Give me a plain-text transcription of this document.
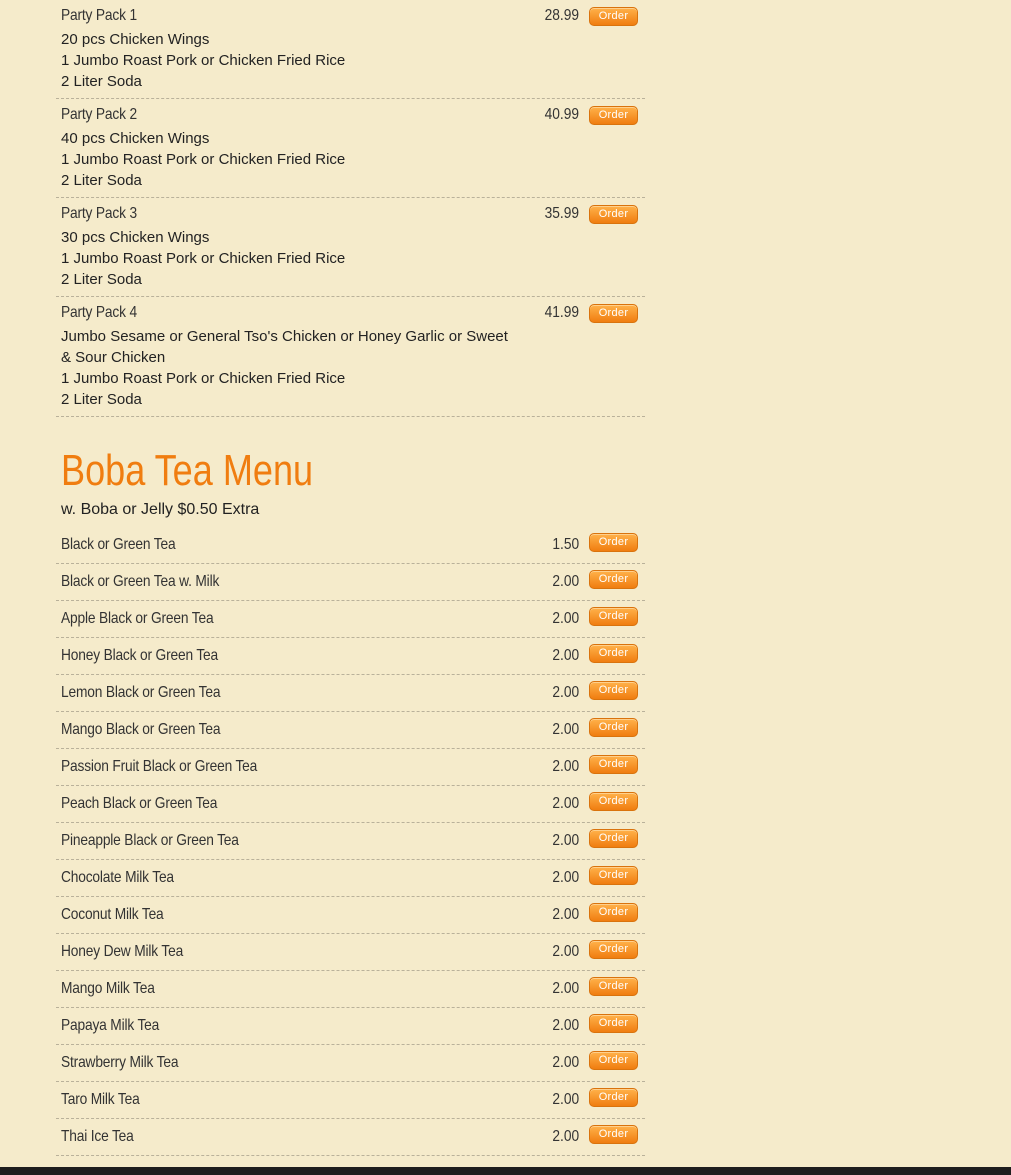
Party Pack 1
20 pcs Chicken Wings
1 Jumbo Roast Pork or Chicken Fried Rice
2 Liter Soda
28.99	Order
Party Pack 2
40 pcs Chicken Wings
1 Jumbo Roast Pork or Chicken Fried Rice
2 Liter Soda
40.99	Order
Party Pack 3
30 pcs Chicken Wings
1 Jumbo Roast Pork or Chicken Fried Rice
2 Liter Soda
35.99	Order
Party Pack 4
Jumbo Sesame or General Tso's Chicken or Honey Garlic or Sweet & Sour Chicken
1 Jumbo Roast Pork or Chicken Fried Rice
2 Liter Soda
41.99	Order
Boba Tea Menu
w. Boba or Jelly $0.50 Extra
Black or Green Tea	1.50	Order
Black or Green Tea w. Milk	2.00	Order
Apple Black or Green Tea	2.00	Order
Honey Black or Green Tea	2.00	Order
Lemon Black or Green Tea	2.00	Order
Mango Black or Green Tea	2.00	Order
Passion Fruit Black or Green Tea	2.00	Order
Peach Black or Green Tea	2.00	Order
Pineapple Black or Green Tea	2.00	Order
Chocolate Milk Tea	2.00	Order
Coconut Milk Tea	2.00	Order
Honey Dew Milk Tea	2.00	Order
Mango Milk Tea	2.00	Order
Papaya Milk Tea	2.00	Order
Strawberry Milk Tea	2.00	Order
Taro Milk Tea	2.00	Order
Thai Ice Tea	2.00	Order
